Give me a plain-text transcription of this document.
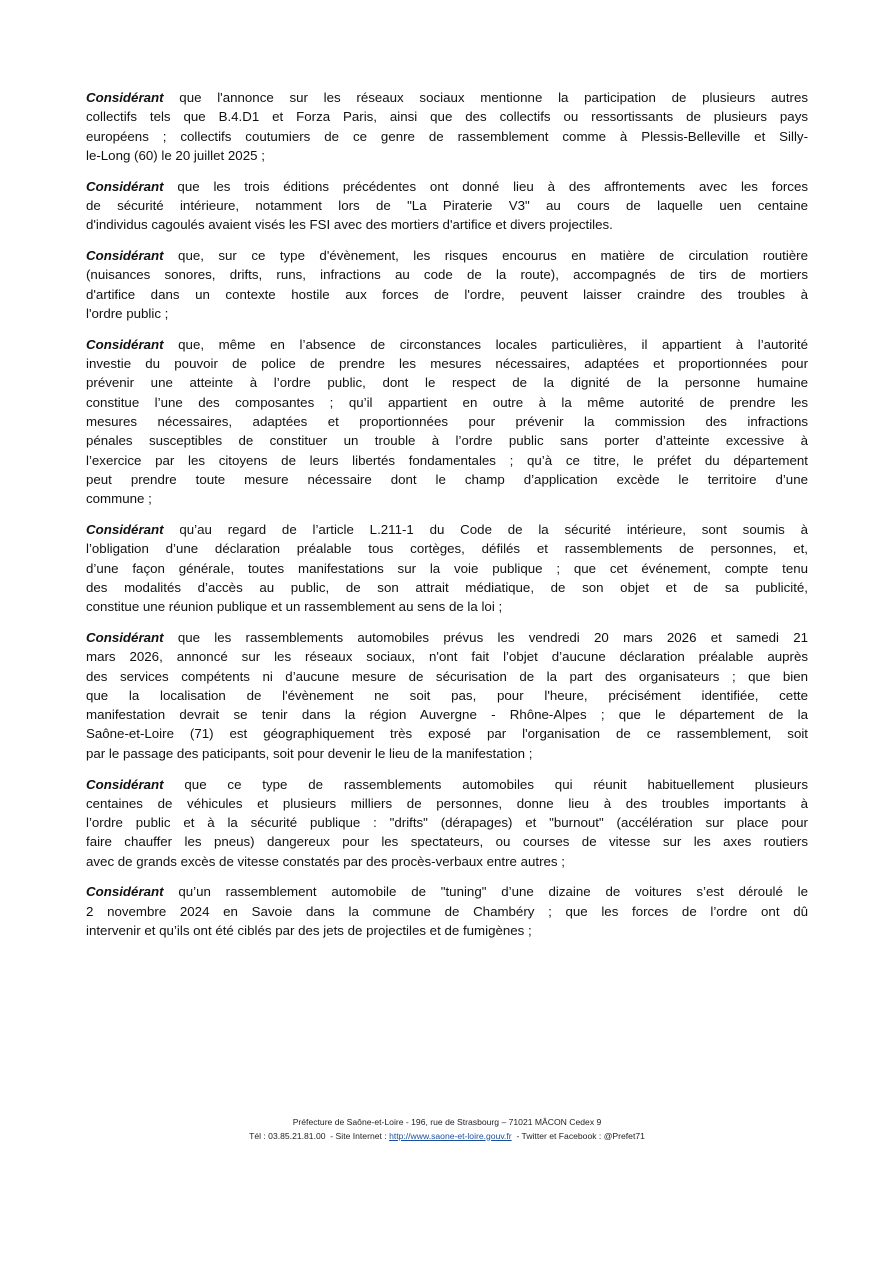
Considérant que l'annonce sur les réseaux sociaux mentionne la participation de plusieurs autres
collectifs tels que B.4.D1 et Forza Paris, ainsi que des collectifs ou ressortissants de plusieurs pays
européens ; collectifs coutumiers de ce genre de rassemblement comme à Plessis-Belleville et Silly-
le-Long (60) le 20 juillet 2025 ;
Considérant que les trois éditions précédentes ont donné lieu à des affrontements avec les forces
de sécurité intérieure, notamment lors de "La Piraterie V3" au cours de laquelle uen centaine
d'individus cagoulés avaient visés les FSI avec des mortiers d'artifice et divers projectiles.
Considérant que, sur ce type d'évènement, les risques encourus en matière de circulation routière
(nuisances sonores, drifts, runs, infractions au code de la route), accompagnés de tirs de mortiers
d'artifice dans un contexte hostile aux forces de l'ordre, peuvent laisser craindre des troubles à
l'ordre public ;
Considérant que, même en l’absence de circonstances locales particulières, il appartient à l’autorité
investie du pouvoir de police de prendre les mesures nécessaires, adaptées et proportionnées pour
prévenir une atteinte à l’ordre public, dont le respect de la dignité de la personne humaine
constitue l’une des composantes ; qu’il appartient en outre à la même autorité de prendre les
mesures nécessaires, adaptées et proportionnées pour prévenir la commission des infractions
pénales susceptibles de constituer un trouble à l’ordre public sans porter d’atteinte excessive à
l’exercice par les citoyens de leurs libertés fondamentales ; qu’à ce titre, le préfet du département
peut prendre toute mesure nécessaire dont le champ d’application excède le territoire d’une
commune ;
Considérant qu’au regard de l’article L.211-1 du Code de la sécurité intérieure, sont soumis à
l’obligation d’une déclaration préalable tous cortèges, défilés et rassemblements de personnes, et,
d’une façon générale, toutes manifestations sur la voie publique ; que cet événement, compte tenu
des modalités d’accès au public, de son attrait médiatique, de son objet et de sa publicité,
constitue une réunion publique et un rassemblement au sens de la loi ;
Considérant que les rassemblements automobiles prévus les vendredi 20 mars 2026 et samedi 21
mars 2026, annoncé sur les réseaux sociaux, n'ont fait l’objet d’aucune déclaration préalable auprès
des services compétents ni d’aucune mesure de sécurisation de la part des organisateurs ; que bien
que la localisation de l'évènement ne soit pas, pour l'heure, précisément identifiée, cette
manifestation devrait se tenir dans la région Auvergne - Rhône-Alpes ; que le département de la
Saône-et-Loire (71) est géographiquement très exposé par l'organisation de ce rassemblement, soit
par le passage des paticipants, soit pour devenir le lieu de la manifestation ;
Considérant que ce type de rassemblements automobiles qui réunit habituellement plusieurs
centaines de véhicules et plusieurs milliers de personnes, donne lieu à des troubles importants à
l’ordre public et à la sécurité publique : "drifts" (dérapages) et "burnout" (accélération sur place pour
faire chauffer les pneus) dangereux pour les spectateurs, ou courses de vitesse sur les axes routiers
avec de grands excès de vitesse constatés par des procès-verbaux entre autres ;
Considérant qu’un rassemblement automobile de "tuning" d’une dizaine de voitures s’est déroulé le
2 novembre 2024 en Savoie dans la commune de Chambéry ; que les forces de l’ordre ont dû
intervenir et qu’ils ont été ciblés par des jets de projectiles et de fumigènes ;
Préfecture de Saône-et-Loire - 196, rue de Strasbourg – 71021 MÂCON Cedex 9
Tél : 03.85.21.81.00  - Site Internet : http://www.saone-et-loire.gouv.fr  - Twitter et Facebook : @Prefet71
